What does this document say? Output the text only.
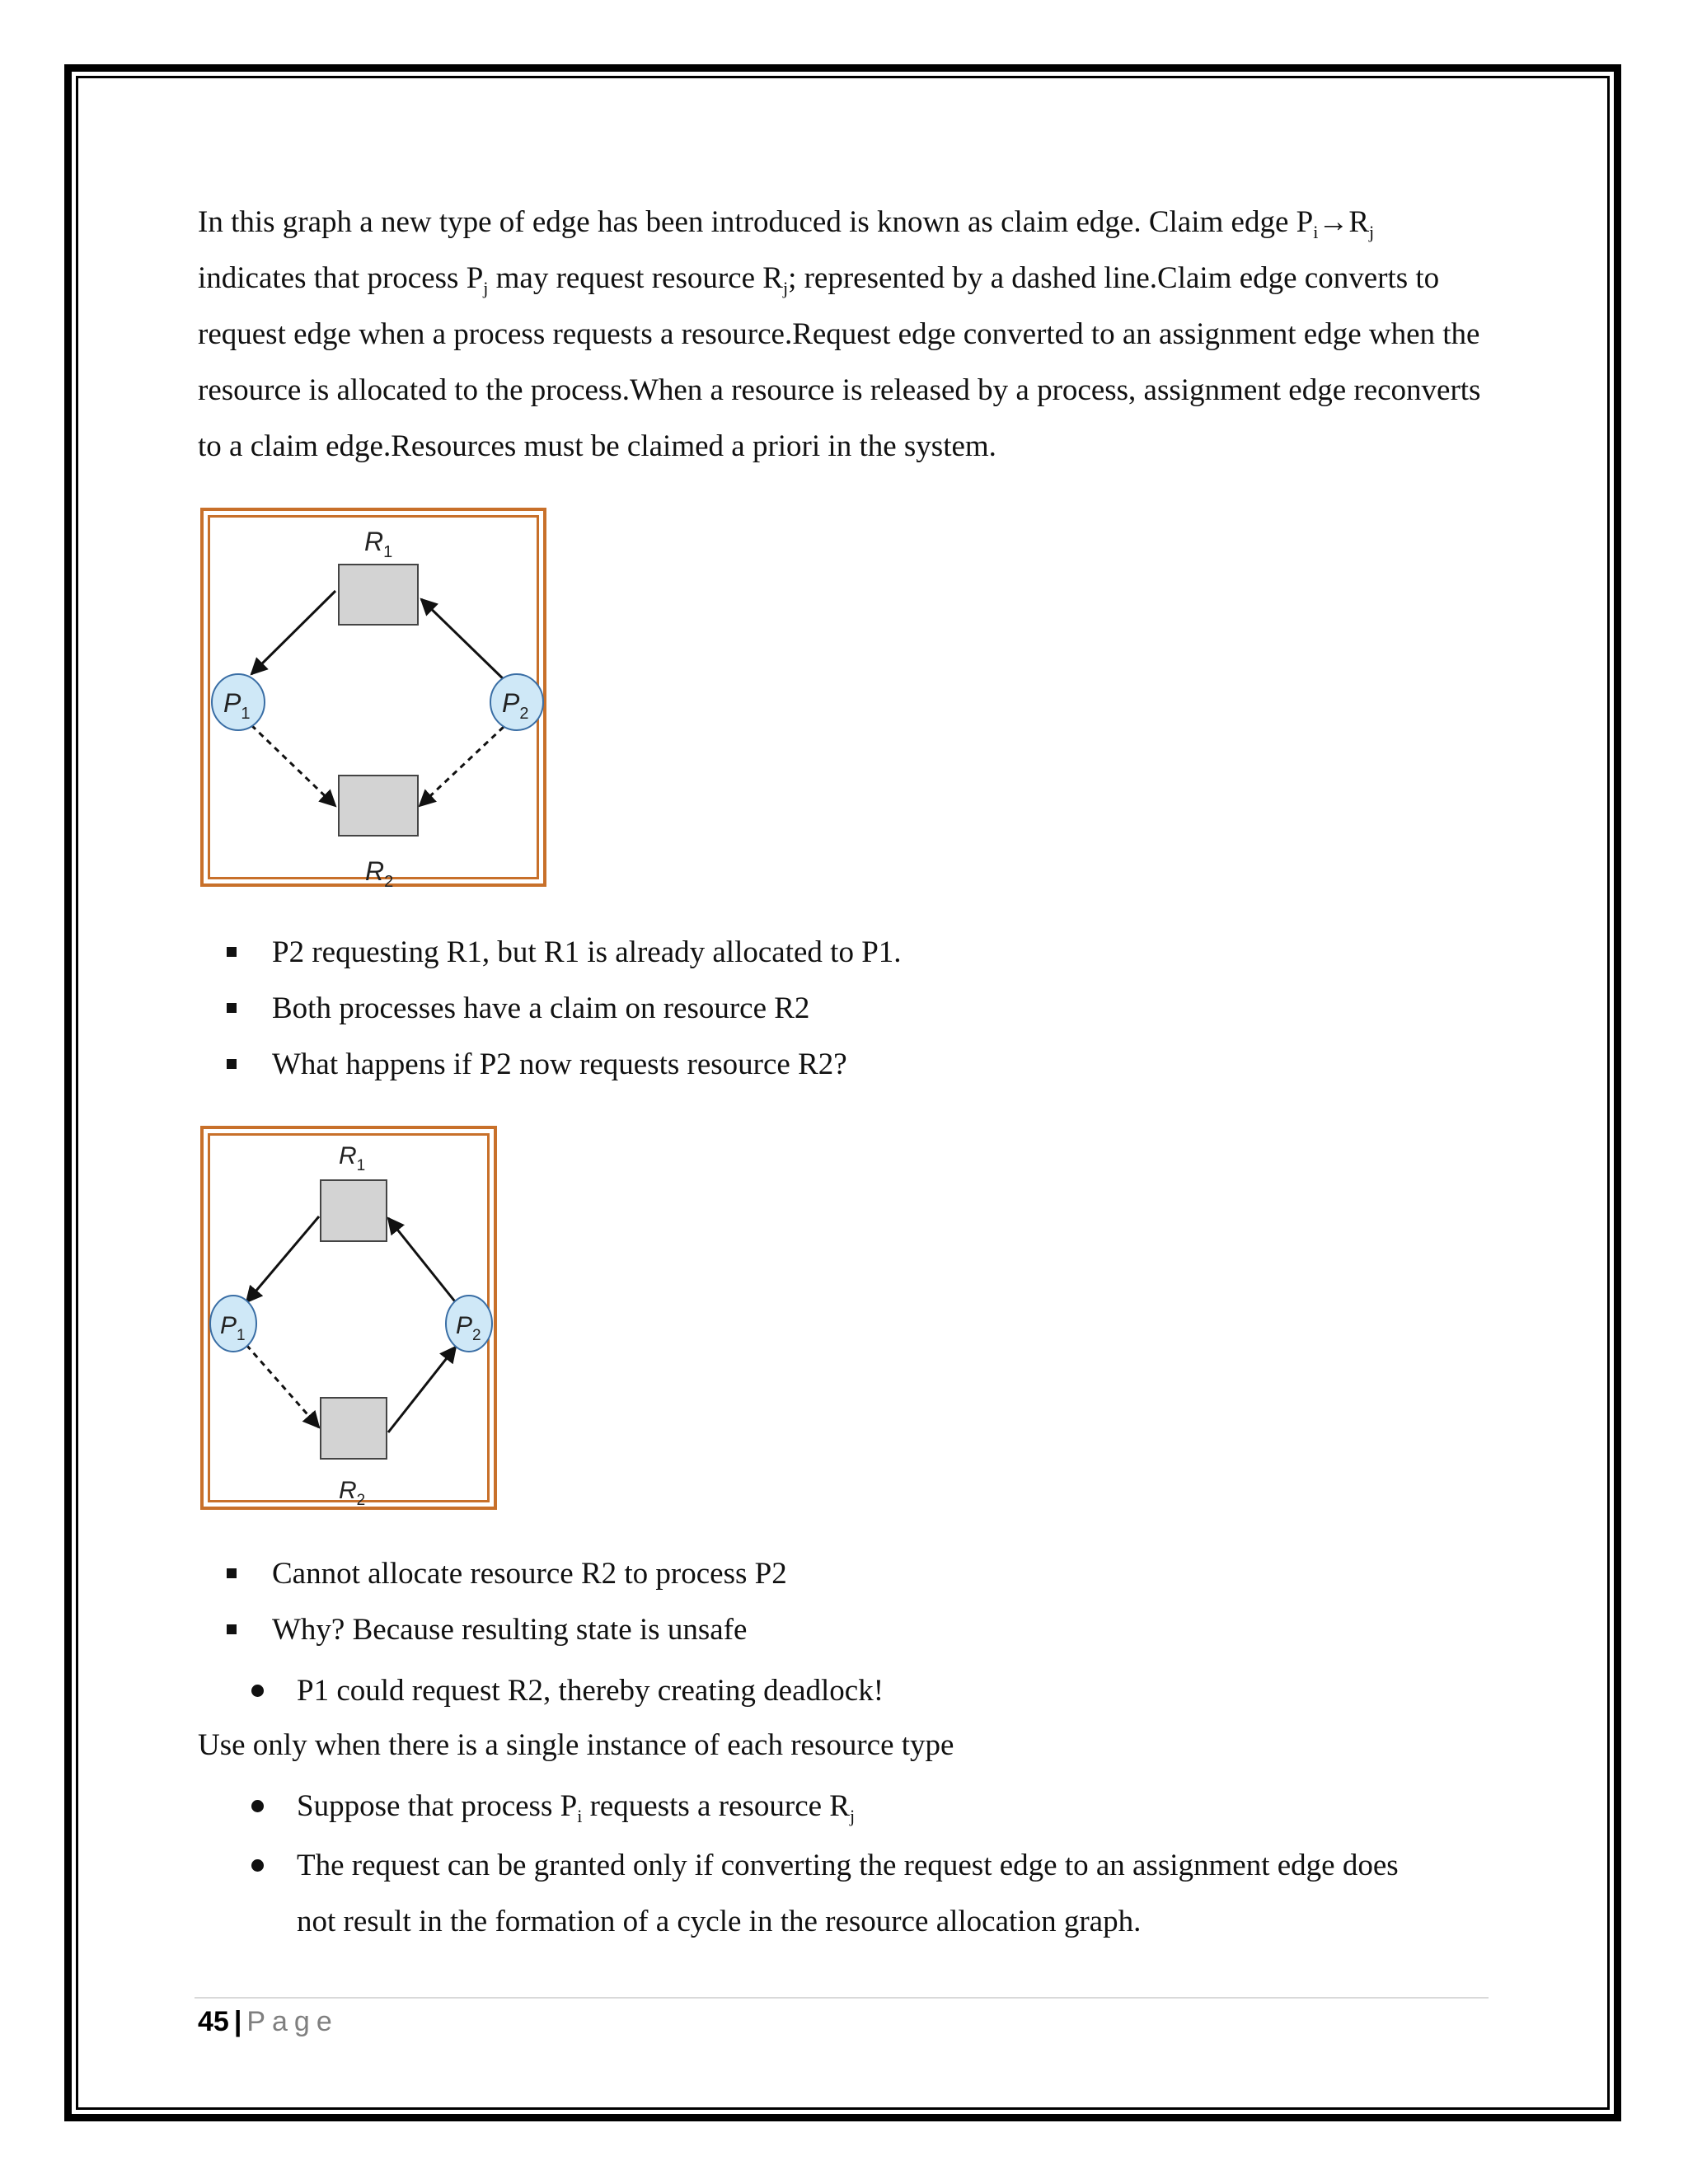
In this graph a new type of edge has been introduced is known as claim edge. Claim edge $P_i\to R_j$ indicates that process $P_j$ may request resource $R_j$; represented by a dashed line.Claim edge converts to request edge when a process requests a resource.Request edge converted to an assignment edge when the resource is allocated to the process.When a resource is released by a process, assignment edge reconverts to a claim edge.Resources must be claimed a priori in the system.

$R_1$
$R_2$
$P_1$	$P_2$
P2 requesting R1, but R1 is already allocated to P1.
Both processes have a claim on resource R2
What happens if P2 now requests resource R2?
$R_1$
$R_2$
$P_1$	$P_2$
Cannot allocate resource R2 to process P2
Why? Because resulting state is unsafe
P1 could request R2, thereby creating deadlock!

Use only when there is a single instance of each resource type

Suppose that process $P_i$ requests a resource $R_j$
The request can be granted only if converting the request edge to an assignment edge does
not result in the formation of a cycle in the resource allocation graph.
45 | Page
